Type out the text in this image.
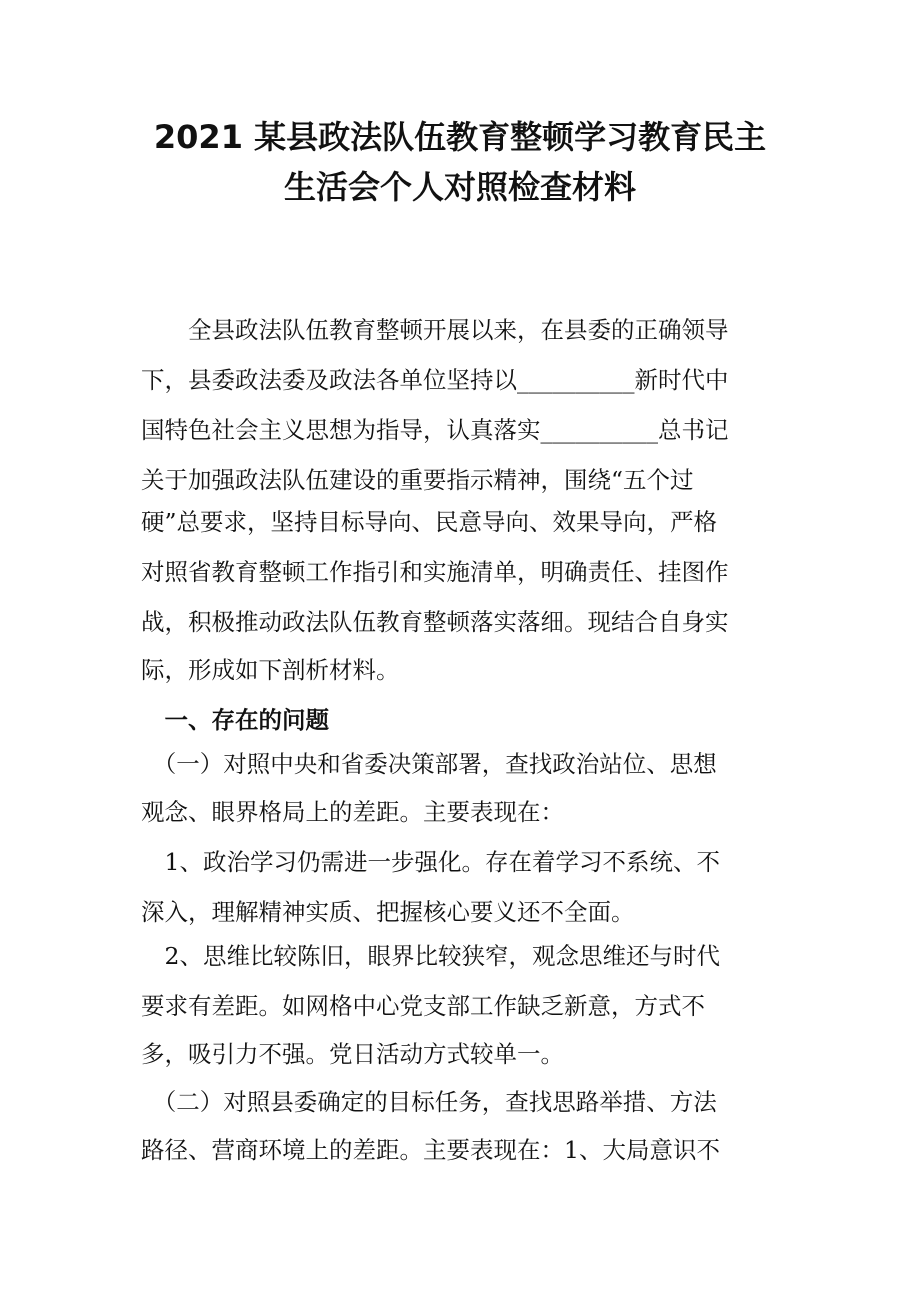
2021 某县政法队伍教育整顿学习教育民主
生活会个人对照检查材料
　　全县政法队伍教育整顿开展以来，在县委的正确领导
下，县委政法委及政法各单位坚持以__________新时代中
国特色社会主义思想为指导，认真落实__________总书记
关于加强政法队伍建设的重要指示精神，围绕“五个过
硬”总要求，坚持目标导向、民意导向、效果导向，严格
对照省教育整顿工作指引和实施清单，明确责任、挂图作
战，积极推动政法队伍教育整顿落实落细。现结合自身实
际，形成如下剖析材料。
　一、存在的问题
　（一）对照中央和省委决策部署，查找政治站位、思想
观念、眼界格局上的差距。主要表现在：
　1、政治学习仍需进一步强化。存在着学习不系统、不
深入，理解精神实质、把握核心要义还不全面。
　2、思维比较陈旧，眼界比较狭窄，观念思维还与时代
要求有差距。如网格中心党支部工作缺乏新意，方式不
多，吸引力不强。党日活动方式较单一。
　（二）对照县委确定的目标任务，查找思路举措、方法
路径、营商环境上的差距。主要表现在：1、大局意识不
